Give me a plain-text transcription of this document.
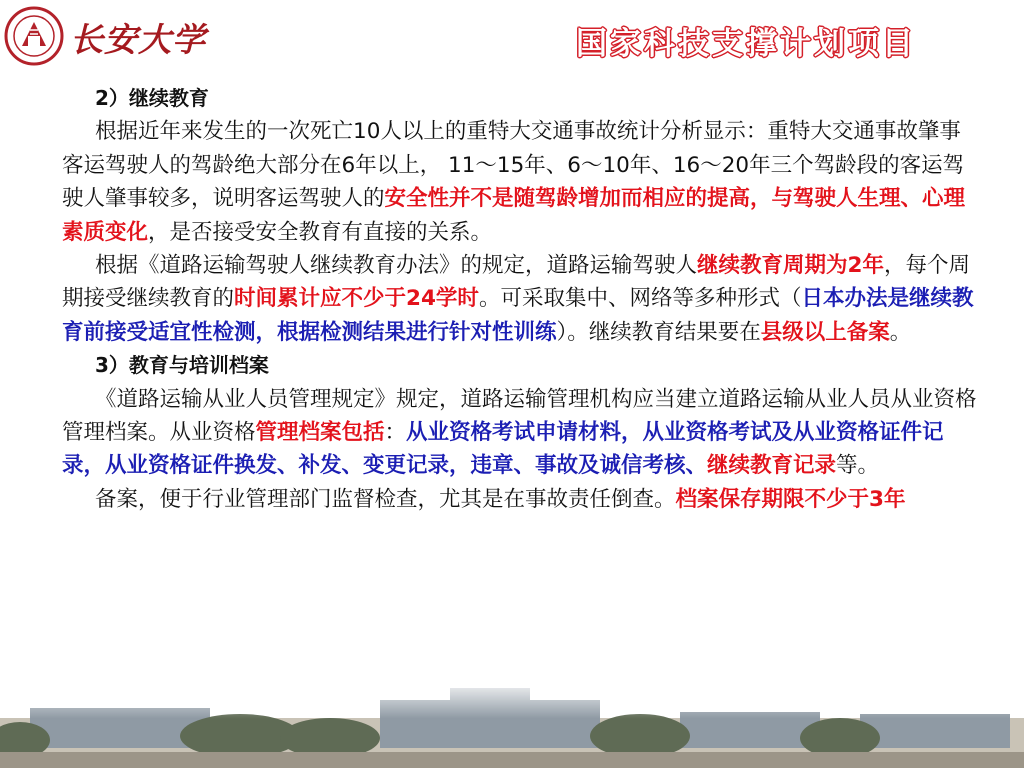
长安大学	国家科技支撑计划项目

2）继续教育

根据近年来发生的一次死亡10人以上的重特大交通事故统计分析显示：重特大交通事故肇事客运驾驶人的驾龄绝大部分在6年以上， 11～15年、6～10年、16～20年三个驾龄段的客运驾驶人肇事较多，说明客运驾驶人的安全性并不是随驾龄增加而相应的提高，与驾驶人生理、心理素质变化，是否接受安全教育有直接的关系。

根据《道路运输驾驶人继续教育办法》的规定，道路运输驾驶人继续教育周期为2年，每个周期接受继续教育的时间累计应不少于24学时。可采取集中、网络等多种形式（日本办法是继续教育前接受适宜性检测，根据检测结果进行针对性训练）。继续教育结果要在县级以上备案。

3）教育与培训档案

《道路运输从业人员管理规定》规定，道路运输管理机构应当建立道路运输从业人员从业资格管理档案。从业资格管理档案包括：从业资格考试申请材料，从业资格考试及从业资格证件记录，从业资格证件换发、补发、变更记录，违章、事故及诚信考核、继续教育记录等。

备案，便于行业管理部门监督检查，尤其是在事故责任倒查。档案保存期限不少于3年
